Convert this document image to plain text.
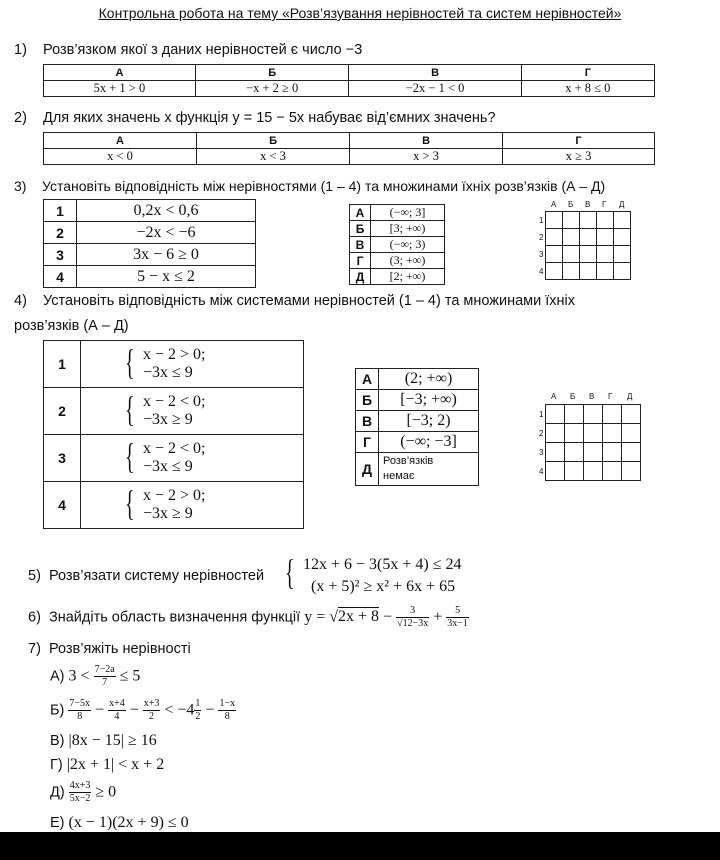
Контрольна робота на тему «Розв’язування нерівностей та систем нерівностей»
1) Розв’язком якої з даних нерівностей є число −3
А	Б	В	Г
5x + 1 > 0	−x + 2 ≥ 0	−2x − 1 < 0	x + 8 ≤ 0
2) Для яких значень x функція y = 15 − 5x набуває від’ємних значень?
А	Б	В	Г
x < 0	x < 3	x > 3	x ≥ 3
3) Установіть відповідність між нерівностями (1 – 4) та множинами їхніх розв’язків (А – Д)
1	0,2x < 0,6
2	−2x < −6
3	3x − 6 ≥ 0
4	5 − x ≤ 2
А	(−∞; 3]
Б	[3; +∞)
В	(−∞; 3)
Г	(3; +∞)
Д	[2; +∞)
А Б В Г Д
1
2
3
4

4) Установіть відповідність між системами нерівностей (1 – 4) та множинами їхніх
розв’язків (А – Д)
1	{ x − 2 > 0;
−3x ≤ 9

2	{ x − 2 < 0;
−3x ≥ 9

3	{ x − 2 < 0;
−3x ≤ 9

4	{ x − 2 > 0;
−3x ≥ 9
А	(2; +∞)
Б	[−3; +∞)
В	[−3; 2)
Г	(−∞; −3]
Д	Розв’язків
немає
А Б В Г Д
1
2
3
4

5) Розв’язати систему нерівностей { 12x + 6 − 3(5x + 4) ≤ 24
(x + 5)² ≥ x² + 6x + 65
6) Знайдіть область визначення функції $y = √2x + 8 - \frac{3}{√12-3x} + \frac{5}{3x-1}$
7) Розв’яжіть нерівності
А) $3 < \frac{7-2a}{7} \le 5$
$Б) \frac{7-5x}{8} - \frac{x+4}{4} - \frac{x+3}{2} < -4 \frac{1}{2} - \frac{1-x}{8}$
В) |8x − 15| ≥ 16
Г) |2x + 1| < x + 2
$Д) \frac{4x+3}{5x-2} \ge 0$
Е) (x − 1)(2x + 9) ≤ 0
